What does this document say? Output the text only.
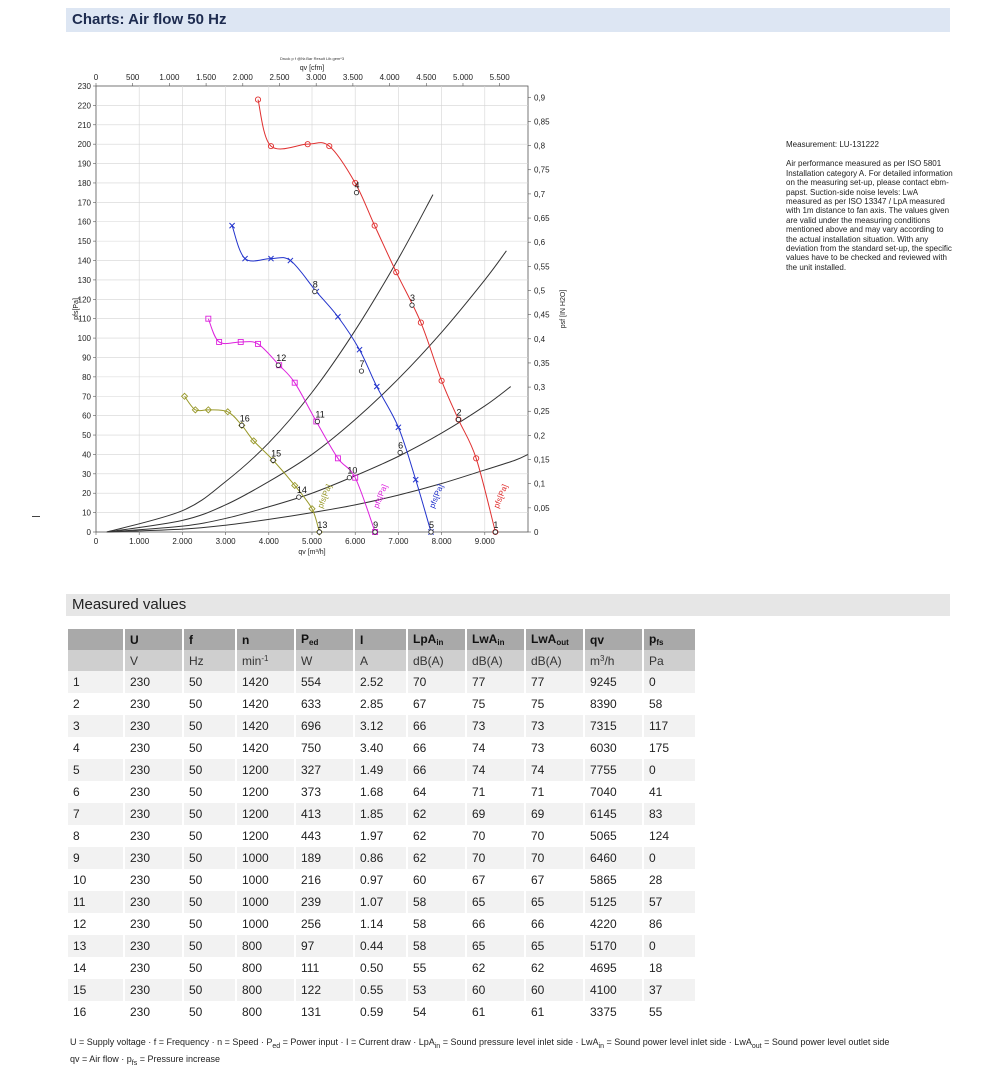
Charts: Air flow 50 Hz
0
10
20
30
40
50
60
70
80
90
100
110
120
130
140
150
160
170
180
190
200
210
220
230
0	1.000	2.000	3.000	4.000	5.000	6.000	7.000	8.000	9.000
0	500	1.000 1.500 2.000 2.500 3.000 3.500 4.000 4.500 5.000 5.500
0
0,05
0,1
0,15
0,2
0,25
0,3
0,35
0,4
0,45
0,5
0,55
0,6
0,65
0,7
0,75
0,8
0,85
0,9
qv [m³/h]
qv [cfm]
Druck p f @Nr.Bar Result Lib.gem*3
pfs[Pa]	psf [IN H2O]
pfs[Pa]
pfs[Pa]
pfs[Pa]
pfs[Pa]
1
2
3
4
5
6
7
8
9
10
11
12
13
14
15
16
Measurement: LU-131222
Air performance measured as per ISO 5801 Installation category A. For detailed information on the measuring set-up, please contact ebm-papst. Suction-side noise levels: LwA measured as per ISO 13347 / LpA measured with 1m distance to fan axis. The values given are valid under the measuring conditions mentioned above and may vary according to the actual installation situation. With any deviation from the standard set-up, the specific values have to be checked and reviewed with the unit installed.
Measured values
	U	f	n	$P_{ed}$	I	LpA$_{in}$	LwA$_{in}$	LwA$_{out}$	qv	$p_{fs}$
	V	Hz	$\min^{-1}$	W	A	dB(A)	dB(A)	dB(A)	$m^3/h$	Pa
1	230	50	1420	554	2.52	70	77	77	9245	0
2	230	50	1420	633	2.85	67	75	75	8390	58
3	230	50	1420	696	3.12	66	73	73	7315	117
4	230	50	1420	750	3.40	66	74	73	6030	175
5	230	50	1200	327	1.49	66	74	74	7755	0
6	230	50	1200	373	1.68	64	71	71	7040	41
7	230	50	1200	413	1.85	62	69	69	6145	83
8	230	50	1200	443	1.97	62	70	70	5065	124
9	230	50	1000	189	0.86	62	70	70	6460	0
10	230	50	1000	216	0.97	60	67	67	5865	28
11	230	50	1000	239	1.07	58	65	65	5125	57
12	230	50	1000	256	1.14	58	66	66	4220	86
13	230	50	800	97	0.44	58	65	65	5170	0
14	230	50	800	111	0.50	55	62	62	4695	18
15	230	50	800	122	0.55	53	60	60	4100	37
16	230	50	800	131	0.59	54	61	61	3375	55
U = Supply voltage · f = Frequency · n = Speed · $P_{ed}$ = Power input · I = Current draw · LpA$_{in}$ = Sound pressure level inlet side · LwA$_{in}$ = Sound power level inlet side · LwA$_{out}$ = Sound power level outlet side
qv = Air flow · $p_{fs}$ = Pressure increase
